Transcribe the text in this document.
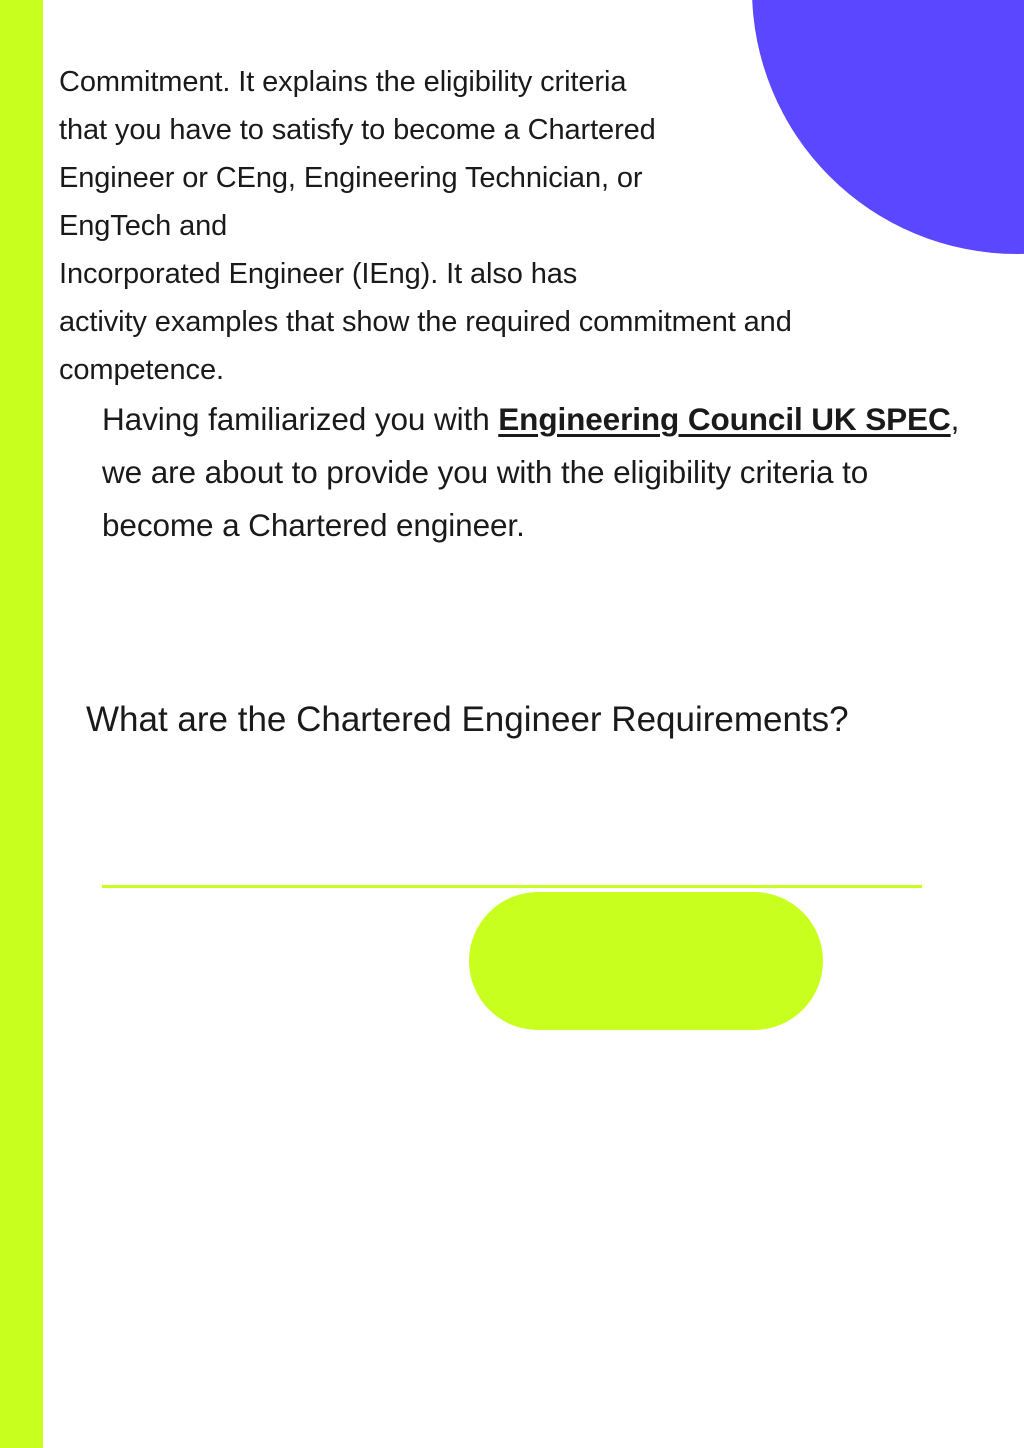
Commitment. It explains the eligibility criteria
that you have to satisfy to become a Chartered
Engineer or CEng, Engineering Technician, or
EngTech and
Incorporated Engineer (IEng). It also has
activity examples that show the required commitment and
competence.
Having familiarized you with Engineering Council UK SPEC,
we are about to provide you with the eligibility criteria to
become a Chartered engineer.
What are the Chartered Engineer Requirements?
